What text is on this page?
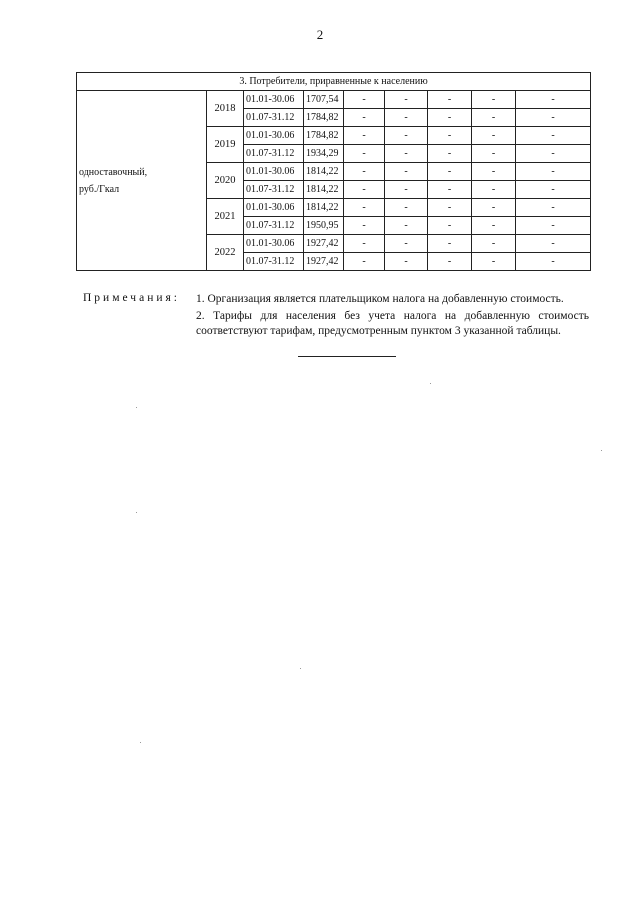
2
3. Потребители, приравненные к населению								

одноставочный,
руб./Гкал	2018	01.01-30.06	1707,54	-	-	-	-	-
		01.07-31.12	1784,82	-	-	-	-	-
	2019	01.01-30.06	1784,82	-	-	-	-	-
		01.07-31.12	1934,29	-	-	-	-	-
	2020	01.01-30.06	1814,22	-	-	-	-	-
		01.07-31.12	1814,22	-	-	-	-	-
	2021	01.01-30.06	1814,22	-	-	-	-	-
		01.07-31.12	1950,95	-	-	-	-	-
	2022	01.01-30.06	1927,42	-	-	-	-	-
		01.07-31.12	1927,42	-	-	-	-	-
Примечания: 1. Организация является плательщиком налога на добавленную стоимость.
2. Тарифы для населения без учета налога на добавленную стоимость соответствуют тарифам, предусмотренным пунктом 3 указанной таблицы.
